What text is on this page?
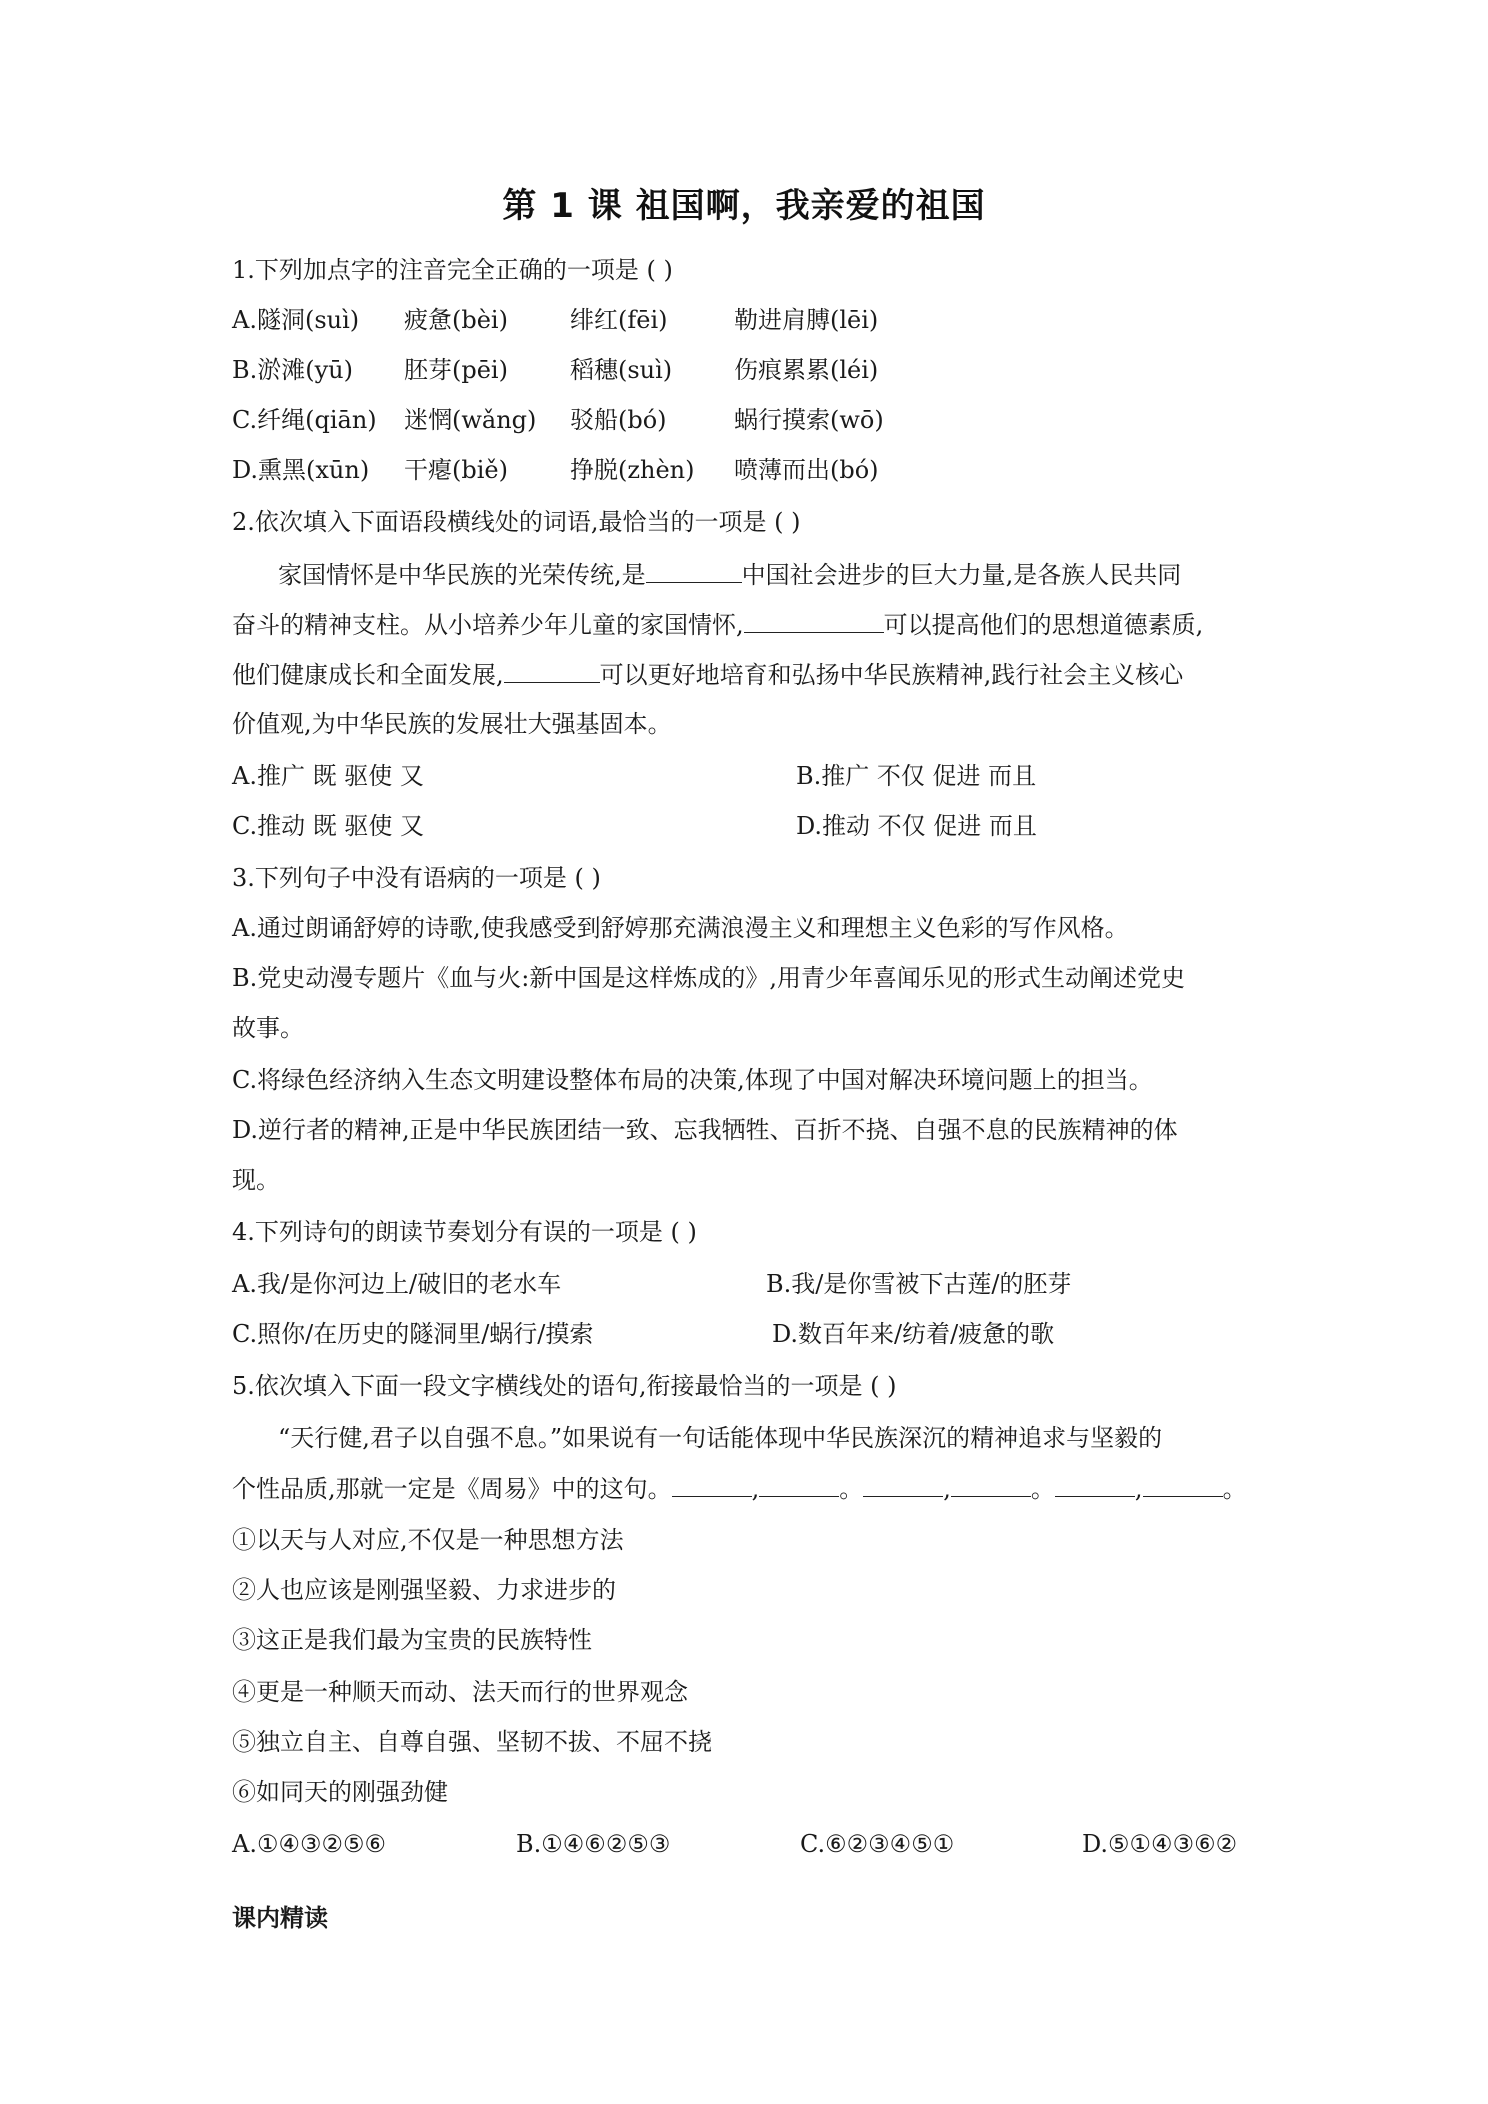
第 1 课 祖国啊，我亲爱的祖国
1.下列加点字的注音完全正确的一项是 ( )
A.隧洞(suì) 疲惫(bèi)	绯红(fēi)	勒进肩膊(lēi)
B.淤滩(yū) 胚芽(pēi)	稻穗(suì)	伤痕累累(léi)
C.纤绳(qiān) 迷惘(wǎng) 驳船(bó)	蜗行摸索(wō)
D.熏黑(xūn) 干瘪(biě)	挣脱(zhèn) 喷薄而出(bó)
2.依次填入下面语段横线处的词语,最恰当的一项是 ( )
家国情怀是中华民族的光荣传统,是	中国社会进步的巨大力量,是各族人民共同
奋斗的精神支柱。从小培养少年儿童的家国情怀,	可以提高他们的思想道德素质,
他们健康成长和全面发展,	可以更好地培育和弘扬中华民族精神,践行社会主义核心
价值观,为中华民族的发展壮大强基固本。
A.推广 既 驱使 又	B.推广 不仅 促进 而且
C.推动 既 驱使 又	D.推动 不仅 促进 而且
3.下列句子中没有语病的一项是 ( )
A.通过朗诵舒婷的诗歌,使我感受到舒婷那充满浪漫主义和理想主义色彩的写作风格。
B.党史动漫专题片《血与火:新中国是这样炼成的》,用青少年喜闻乐见的形式生动阐述党史
故事。
C.将绿色经济纳入生态文明建设整体布局的决策,体现了中国对解决环境问题上的担当。
D.逆行者的精神,正是中华民族团结一致、忘我牺牲、百折不挠、自强不息的民族精神的体
现。
4.下列诗句的朗读节奏划分有误的一项是 ( )
A.我/是你河边上/破旧的老水车	B.我/是你雪被下古莲/的胚芽
C.照你/在历史的隧洞里/蜗行/摸索	D.数百年来/纺着/疲惫的歌
5.依次填入下面一段文字横线处的语句,衔接最恰当的一项是 ( )
“天行健,君子以自强不息。”如果说有一句话能体现中华民族深沉的精神追求与坚毅的
个性品质,那就一定是《周易》中的这句。	,	。	,	。	,	。
①以天与人对应,不仅是一种思想方法
②人也应该是刚强坚毅、力求进步的
③这正是我们最为宝贵的民族特性
④更是一种顺天而动、法天而行的世界观念
⑤独立自主、自尊自强、坚韧不拔、不屈不挠
⑥如同天的刚强劲健
A.①④③②⑤⑥	B.①④⑥②⑤③	C.⑥②③④⑤①	D.⑤①④③⑥②
课内精读
